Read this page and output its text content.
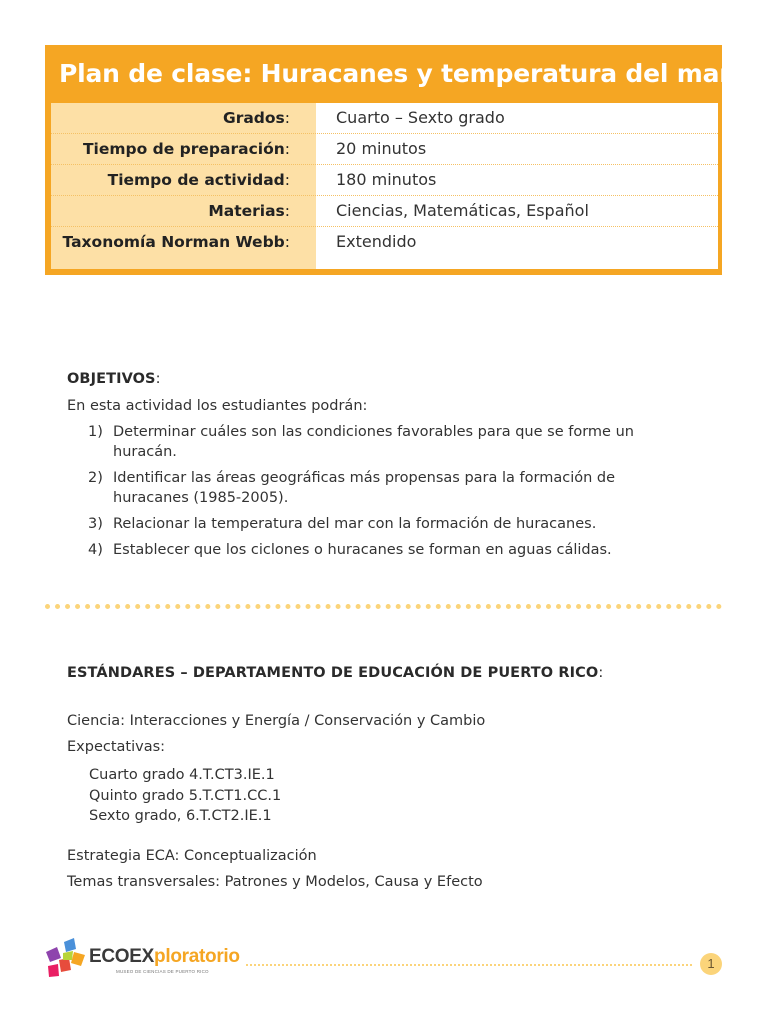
Plan de clase: Huracanes y temperatura del mar
Grados:	Cuarto – Sexto grado
Tiempo de preparación:	20 minutos
Tiempo de actividad:	180 minutos
Materias:	Ciencias, Matemáticas, Español
Taxonomía Norman Webb:	Extendido
OBJETIVOS:
En esta actividad los estudiantes podrán:
1) Determinar cuáles son las condiciones favorables para que se forme un huracán.
2) Identificar las áreas geográficas más propensas para la formación de huracanes (1985-2005).
3) Relacionar la temperatura del mar con la formación de huracanes.
4) Establecer que los ciclones o huracanes se forman en aguas cálidas.
ESTÁNDARES – DEPARTAMENTO DE EDUCACIÓN DE PUERTO RICO:
Ciencia: Interacciones y Energía / Conservación y Cambio
Expectativas:
Cuarto grado 4.T.CT3.IE.1
Quinto grado 5.T.CT1.CC.1
Sexto grado, 6.T.CT2.IE.1
Estrategia ECA: Conceptualización
Temas transversales: Patrones y Modelos, Causa y Efecto
ECOEXploratorio
MUSEO DE CIENCIAS DE PUERTO RICO
1
